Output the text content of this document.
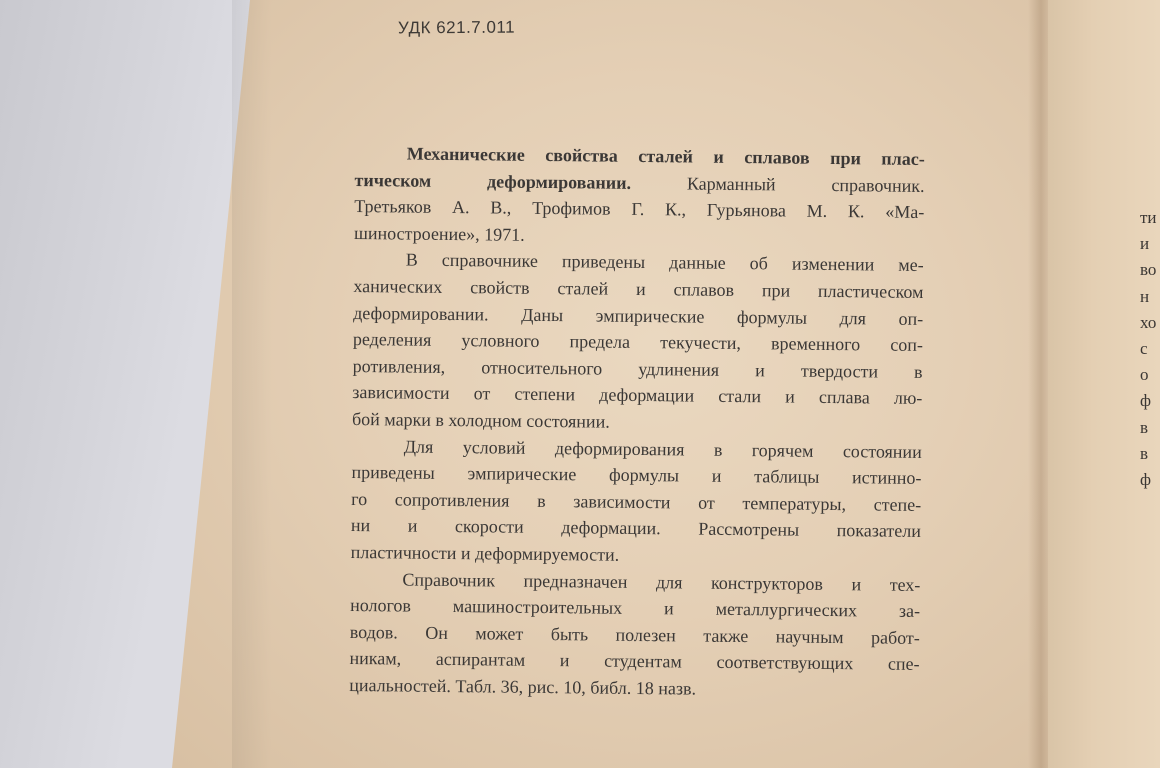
УДК 621.7.011
Механические свойства сталей и сплавов при плас-
тическом деформировании. Карманный справочник.
Третьяков А. В., Трофимов Г. К., Гурьянова М. К. «Ма-
шиностроение», 1971.
В справочнике приведены данные об изменении ме-
ханических свойств сталей и сплавов при пластическом
деформировании. Даны эмпирические формулы для оп-
ределения условного предела текучести, временного соп-
ротивления, относительного удлинения и твердости в
зависимости от степени деформации стали и сплава лю-
бой марки в холодном состоянии.
Для условий деформирования в горячем состоянии
приведены эмпирические формулы и таблицы истинно-
го сопротивления в зависимости от температуры, степе-
ни и скорости деформации. Рассмотрены показатели
пластичности и деформируемости.
Справочник предназначен для конструкторов и тех-
нологов машиностроительных и металлургических за-
водов. Он может быть полезен также научным работ-
никам, аспирантам и студентам соответствующих спе-
циальностей. Табл. 36, рис. 10, библ. 18 назв.
ти
и
во
н
хо
с
о
ф
в
в
ф
